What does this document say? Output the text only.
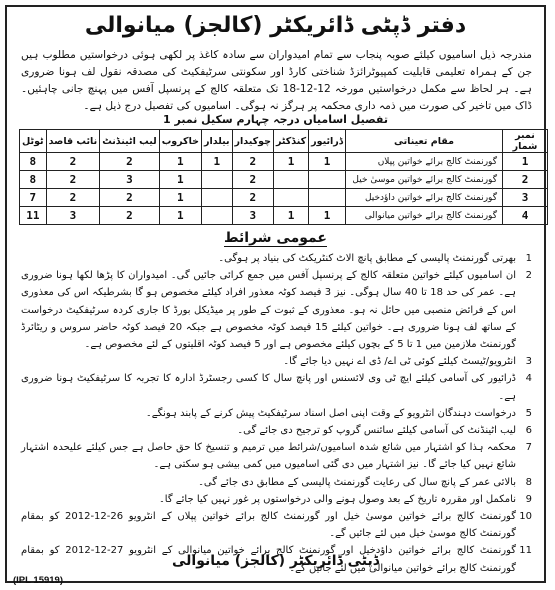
دفتر ڈپٹی ڈائریکٹر (کالجز) میانوالی
مندرجہ ذیل اسامیوں کیلئے صوبہ پنجاب سے تمام امیدواران سے سادہ کاغذ پر لکھی ہوئی درخواستیں مطلوب ہیں جن کے ہمراہ تعلیمی قابلیت کمپیوٹرائزڈ شناختی کارڈ اور سکونتی سرٹیفکیٹ کی مصدقہ نقول لف ہونا ضروری ہے۔ ہر لحاظ سے مکمل درخواستیں مورخہ 12-12-18 تک متعلقہ کالج کے پرنسپل آفس میں پہنچ جانی چاہئیں۔ ڈاک میں تاخیر کی صورت میں ذمہ داری محکمہ پر ہرگز نہ ہوگی۔ اسامیوں کی تفصیل درج ذیل ہے۔
تفصیل اسامیاں درجہ چہارم سکیل نمبر 1
نمبر شمار	مقام تعیناتی	ڈرائیور	کنڈکٹر	چوکیدار	بیلدار	خاکروب	لیب اٹینڈنٹ	نائب قاصد	ٹوٹل
1	گورنمنٹ کالج برائے خواتین پپلاں	1	1	2	1	1	2	2	8
2	گورنمنٹ کالج برائے خواتین موسیٰ خیل			2		1	3	2	8
3	گورنمنٹ کالج برائے خواتین داؤدخیل			2		1	2	2	7
4	گورنمنٹ کالج برائے خواتین میانوالی	1	1	3		1	2	3	11
عمومی شرائط
1
بھرتی گورنمنٹ پالیسی کے مطابق پانچ الاٹ کنٹریکٹ کی بنیاد پر ہوگی۔
2
ان اسامیوں کیلئے خواتین متعلقہ کالج کے پرنسپل آفس میں جمع کرائی جائیں گی۔ امیدواران کا پڑھا لکھا ہونا ضروری ہے۔ عمر کی حد 18 تا 40 سال ہوگی۔ نیز 3 فیصد کوٹہ معذور افراد کیلئے مخصوص ہو گا بشرطیکہ اس کی معذوری اس کے فرائض منصبی میں حائل نہ ہو۔ معذوری کے ثبوت کے طور پر میڈیکل بورڈ کا جاری کردہ سرٹیفکیٹ درخواست کے ساتھ لف ہونا ضروری ہے۔ خواتین کیلئے 15 فیصد کوٹہ مخصوص ہے جبکہ 20 فیصد کوٹہ حاضر سروس و ریٹائرڈ گورنمنٹ ملازمین میں 1 تا 5 کے بچوں کیلئے مخصوص ہے اور 5 فیصد کوٹہ اقلیتوں کے لئے مخصوص ہے۔
3
انٹرویو/ٹیسٹ کیلئے کوئی ٹی اے/ ڈی اے نہیں دیا جائے گا۔
4
ڈرائیور کی آسامی کیلئے ایچ ٹی وی لائسنس اور پانچ سال کا کسی رجسٹرڈ ادارہ کا تجربہ کا سرٹیفکیٹ ہونا ضروری ہے۔
5
درخواست دہندگان انٹرویو کے وقت اپنی اصل اسناد سرٹیفکیٹ پیش کرنے کے پابند ہونگے۔
6
لیب اٹینڈنٹ کی آسامی کیلئے سائنس گروپ کو ترجیح دی جائے گی۔
7
محکمہ ہذا کو اشتہار میں شائع شدہ اسامیوں/شرائط میں ترمیم و تنسیخ کا حق حاصل ہے جس کیلئے علیحدہ اشتہار شائع نہیں کیا جائے گا۔ نیز اشتہار میں دی گئی اسامیوں میں کمی بیشی ہو سکتی ہے۔
8
بالائی عمر کے پانچ سال کی رعایت گورنمنٹ پالیسی کے مطابق دی جائے گی۔
9
نامکمل اور مقررہ تاریخ کے بعد وصول ہونے والی درخواستوں پر غور نہیں کیا جائے گا۔
10
گورنمنٹ کالج برائے خواتین موسیٰ خیل اور گورنمنٹ کالج برائے خواتین پپلاں کے انٹرویو 26-12-2012 کو بمقام گورنمنٹ کالج موسیٰ خیل میں لئے جائیں گے۔
11
گورنمنٹ کالج برائے خواتین داؤدخیل اور گورنمنٹ کالج برائے خواتین میانوالی کے انٹرویو 27-12-2012 کو بمقام گورنمنٹ کالج برائے خواتین میانوالی میں لئے جائیں گے۔
ڈپٹی ڈائریکٹر (کالجز) میانوالی
(IPL 15919)
